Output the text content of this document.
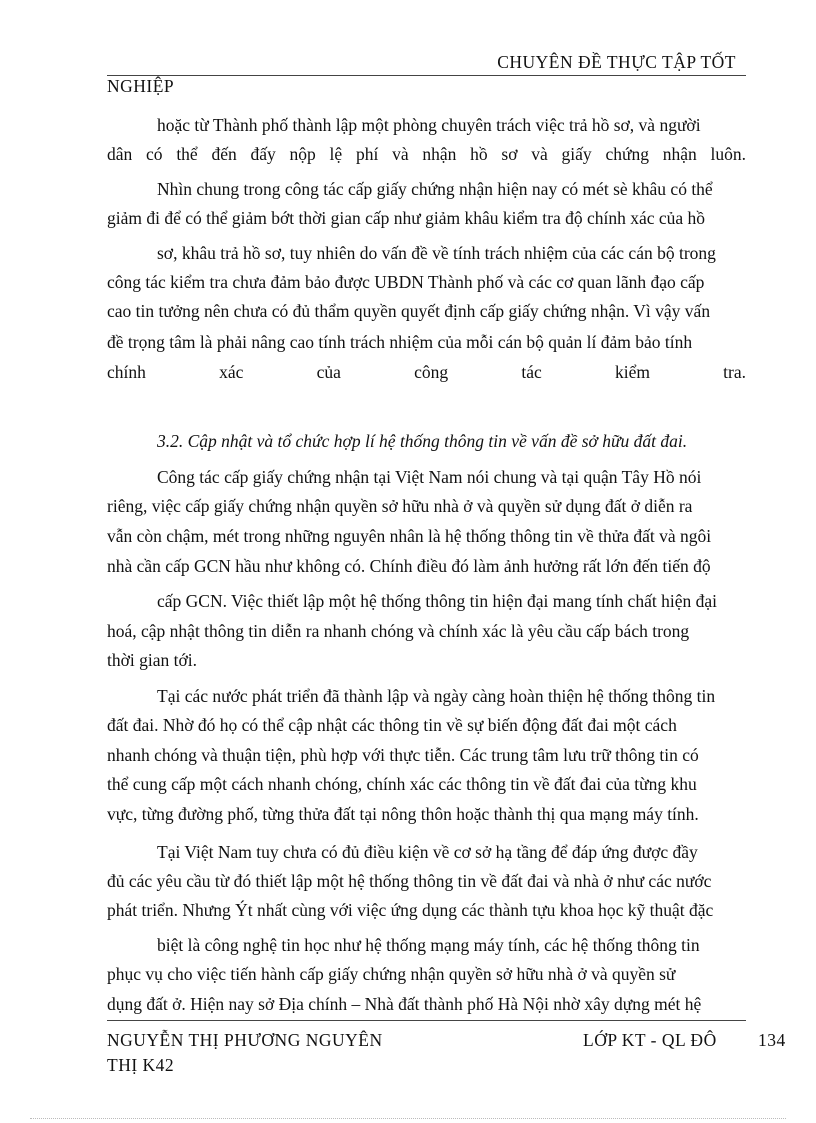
CHUYÊN ĐỀ THỰC TẬP TỐT
NGHIỆP
hoặc từ Thành phố thành lập một phòng chuyên trách việc trả hồ sơ, và người
dân có thể đến đấy nộp lệ phí và nhận hồ sơ và giấy chứng nhận luôn.
Nhìn chung trong công tác cấp giấy chứng nhận hiện nay có mét sè khâu có thể
giảm đi để có thể giảm bớt thời gian cấp như giảm khâu kiểm tra độ chính xác của hồ
sơ, khâu trả hồ sơ, tuy nhiên do vấn đề về tính trách nhiệm của các cán bộ trong
công tác kiểm tra chưa đảm bảo được UBDN Thành phố và các cơ quan lãnh đạo cấp
cao tin tưởng nên chưa có đủ thẩm quyền quyết định cấp giấy chứng nhận. Vì vậy vấn
đề trọng tâm là phải nâng cao tính trách nhiệm của mỗi cán bộ quản lí đảm bảo tính
chính xác của công tác kiểm tra.
3.2. Cập nhật và tổ chức hợp lí hệ thống thông tin về vấn đề sở hữu đất đai.
Công tác cấp giấy chứng nhận tại Việt Nam nói chung và tại quận Tây Hồ nói
riêng, việc cấp giấy chứng nhận quyền sở hữu nhà ở và quyền sử dụng đất ở diễn ra
vẫn còn chậm, mét trong những nguyên nhân là hệ thống thông tin về thửa đất và ngôi
nhà cần cấp GCN hầu như không có. Chính điều đó làm ảnh hưởng rất lớn đến tiến độ
cấp GCN. Việc thiết lập một hệ thống thông tin hiện đại mang tính chất hiện đại
hoá, cập nhật thông tin diễn ra nhanh chóng và chính xác là yêu cầu cấp bách trong
thời gian tới.
Tại các nước phát triển đã thành lập và ngày càng hoàn thiện hệ thống thông tin
đất đai. Nhờ đó họ có thể cập nhật các thông tin về sự biến động đất đai một cách
nhanh chóng và thuận tiện, phù hợp với thực tiễn. Các trung tâm lưu trữ thông tin có
thể cung cấp một cách nhanh chóng, chính xác các thông tin về đất đai của từng khu
vực, từng đường phố, từng thửa đất tại nông thôn hoặc thành thị qua mạng máy tính.
Tại Việt Nam tuy chưa có đủ điều kiện về cơ sở hạ tầng để đáp ứng được đầy
đủ các yêu cầu từ đó thiết lập một hệ thống thông tin về đất đai và nhà ở như các nước
phát triển. Nhưng Ýt nhất cùng với việc ứng dụng các thành tựu khoa học kỹ thuật đặc
biệt là công nghệ tin học như hệ thống mạng máy tính, các hệ thống thông tin
phục vụ cho việc tiến hành cấp giấy chứng nhận quyền sở hữu nhà ở và quyền sử
dụng đất ở. Hiện nay sở Địa chính – Nhà đất thành phố Hà Nội nhờ xây dựng mét hệ
NGUYỄN THỊ PHƯƠNG NGUYÊN
THỊ K42
LỚP KT - QL ĐÔ 134
